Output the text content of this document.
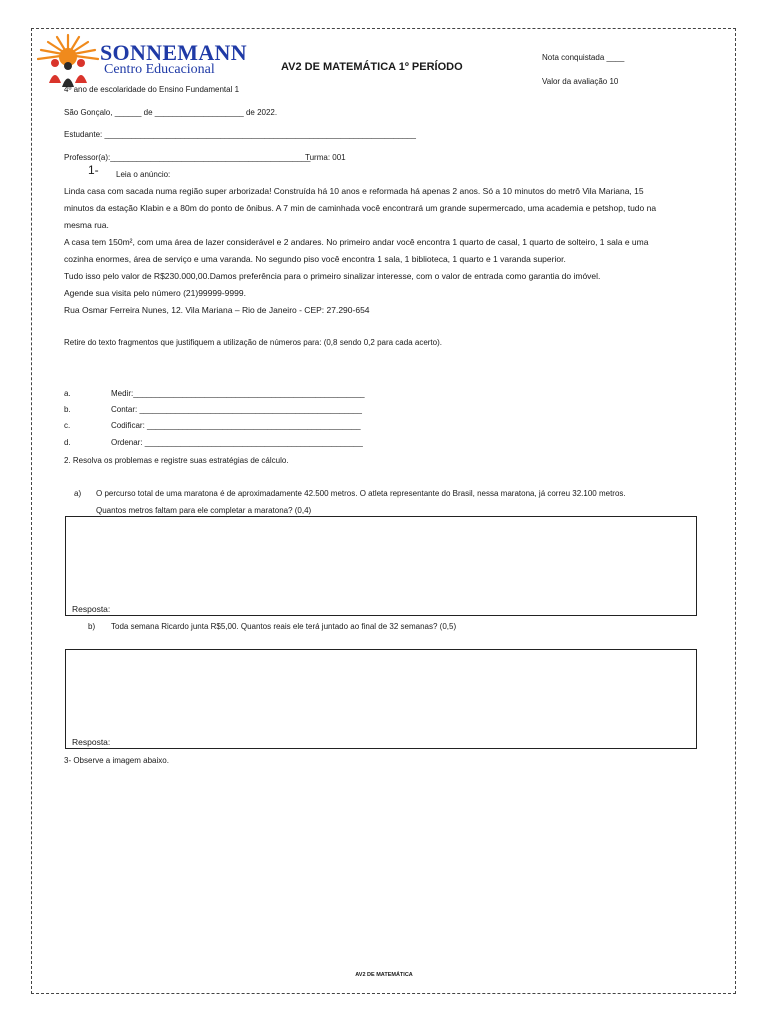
SONNEMANN
Centro Educacional
4º ano de escolaridade do Ensino Fundamental 1
AV2 DE MATEMÁTICA 1º PERÍODO
Nota conquistada ____
Valor da avaliação 10
São Gonçalo, ______ de ____________________ de 2022.
Estudante: ______________________________________________________________________
Professor(a):_____________________________________________
Turma: 001
1- Leia o anúncio:
Linda casa com sacada numa região super arborizada! Construída há 10 anos e reformada há apenas 2 anos. Só a 10 minutos do metrô Vila Mariana, 15
minutos da estação Klabin e a 80m do ponto de ônibus. A 7 min de caminhada você encontrará um grande supermercado, uma academia e petshop, tudo na
mesma rua.
A casa tem 150m², com uma área de lazer considerável e 2 andares. No primeiro andar você encontra 1 quarto de casal, 1 quarto de solteiro, 1 sala e uma
cozinha enormes, área de serviço e uma varanda. No segundo piso você encontra 1 sala, 1 biblioteca, 1 quarto e 1 varanda superior.
Tudo isso pelo valor de R$230.000,00.Damos preferência para o primeiro sinalizar interesse, com o valor de entrada como garantia do imóvel.
Agende sua visita pelo número (21)99999-9999.
Rua Osmar Ferreira Nunes, 12. Vila Mariana – Rio de Janeiro - CEP: 27.290-654
Retire do texto fragmentos que justifiquem a utilização de números para: (0,8 sendo 0,2 para cada acerto).
a.	Medir:____________________________________________________
b.	Contar: __________________________________________________
c.	Codificar: ________________________________________________
d.	Ordenar: _________________________________________________
2. Resolva os problemas e registre suas estratégias de cálculo.
a) O percurso total de uma maratona é de aproximadamente 42.500 metros. O atleta representante do Brasil, nessa maratona, já correu 32.100 metros.
Quantos metros faltam para ele completar a maratona? (0,4)
Resposta:
b) Toda semana Ricardo junta R$5,00. Quantos reais ele terá juntado ao final de 32 semanas? (0,5)
Resposta:
3- Observe a imagem abaixo.
AV2 DE MATEMÁTICA
